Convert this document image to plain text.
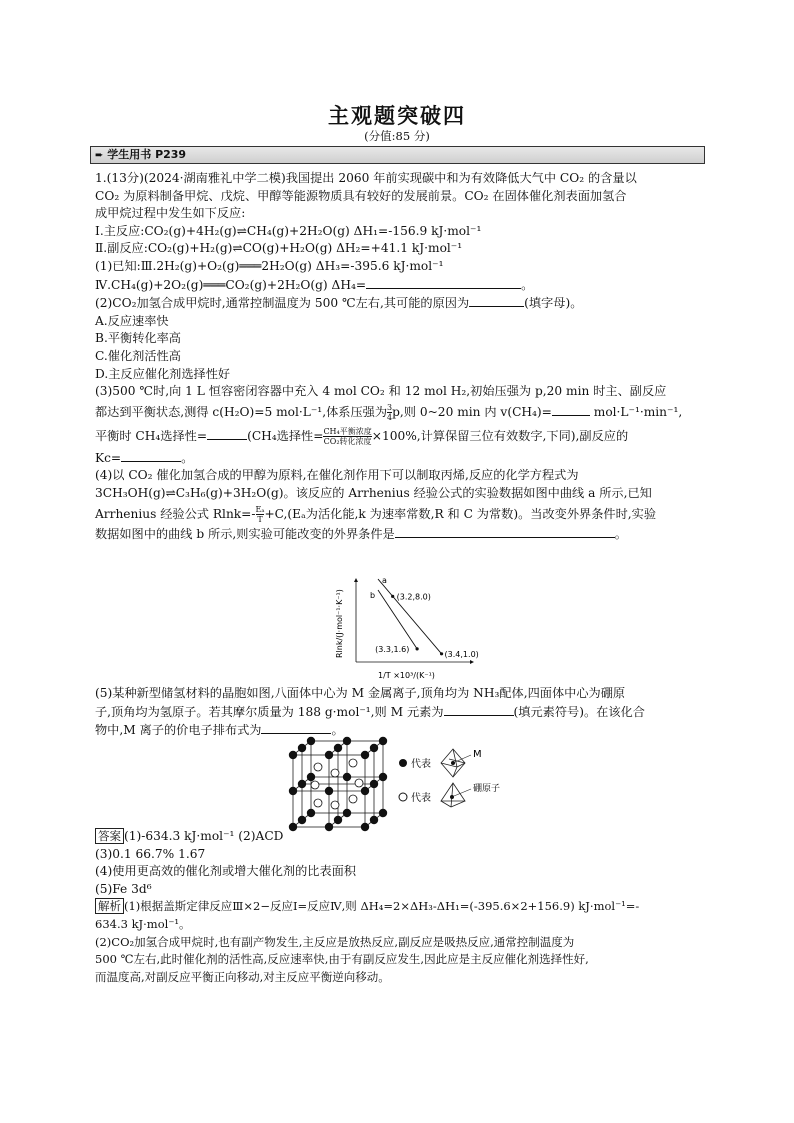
主观题突破四
(分值:85 分)
➨ 学生用书 P239

1.(13分)(2024·湖南雅礼中学二模)我国提出 2060 年前实现碳中和为有效降低大气中 CO₂ 的含量以

CO₂ 为原料制备甲烷、戊烷、甲醇等能源物质具有较好的发展前景。CO₂ 在固体催化剂表面加氢合

成甲烷过程中发生如下反应:

Ⅰ.主反应:CO₂(g)+4H₂(g)⇌CH₄(g)+2H₂O(g) ΔH₁=-156.9 kJ·mol⁻¹

Ⅱ.副反应:CO₂(g)+H₂(g)⇌CO(g)+H₂O(g) ΔH₂=+41.1 kJ·mol⁻¹

(1)已知:Ⅲ.2H₂(g)+O₂(g)═══2H₂O(g) ΔH₃=-395.6 kJ·mol⁻¹

Ⅳ.CH₄(g)+2O₂(g)═══CO₂(g)+2H₂O(g) ΔH₄=	。

(2)CO₂加氢合成甲烷时,通常控制温度为 500 ℃左右,其可能的原因为	(填字母)。

A.反应速率快

B.平衡转化率高

C.催化剂活性高

D.主反应催化剂选择性好

(3)500 ℃时,向 1 L 恒容密闭容器中充入 4 mol CO₂ 和 12 mol H₂,初始压强为 p,20 min 时主、副反应

都达到平衡状态,测得 c(H₂O)=5 mol·L⁻¹,体系压强为 $\frac{3}{4} p$,则 0~20 min 内 v(CH₄)=	mol·L⁻¹·min⁻¹,

平衡时 CH₄选择性=	(CH₄选择性= $\frac{\text{CH₄平衡浓度}}{\text{CO₂转化浓度}} \times 100\%$,计算保留三位有效数字,下同),副反应的

Kc=	。

(4)以 CO₂ 催化加氢合成的甲醇为原料,在催化剂作用下可以制取丙烯,反应的化学方程式为

3CH₃OH(g)⇌C₃H₆(g)+3H₂O(g)。该反应的 Arrhenius 经验公式的实验数据如图中曲线 a 所示,已知

Arrhenius 经验公式 $Rlnk=- \frac{\text{Eₐ}}{T} +C,(E_a$为活化能,k 为速率常数,R 和 C 为常数)。当改变外界条件时,实验

数据如图中的曲线 b 所示,则实验可能改变的外界条件是	。

(3.2,8.0)
(3.3,1.6)
(3.4,1.0)
a
b
Rlnk/(J·mol⁻¹·K⁻¹)
1/T ×10³/(K⁻¹)

(5)某种新型储氢材料的晶胞如图,八面体中心为 M 金属离子,顶角均为 NH₃配体,四面体中心为硼原

子,顶角均为氢原子。若其摩尔质量为 188 g·mol⁻¹,则 M 元素为	(填元素符号)。在该化合

物中,M 离子的价电子排布式为	。

代表
M
代表
硼原子

答案 (1)-634.3 kJ·mol⁻¹ (2)ACD

(3)0.1 66.7% 1.67

(4)使用更高效的催化剂或增大催化剂的比表面积

(5)Fe 3d⁶

解析 (1)根据盖斯定律反应Ⅲ×2−反应Ⅰ=反应Ⅳ,则 ΔH₄=2×ΔH₃-ΔH₁=(-395.6×2+156.9) kJ·mol⁻¹=-

634.3 kJ·mol⁻¹。

(2)CO₂加氢合成甲烷时,也有副产物发生,主反应是放热反应,副反应是吸热反应,通常控制温度为

500 ℃左右,此时催化剂的活性高,反应速率快,由于有副反应发生,因此应是主反应催化剂选择性好,

而温度高,对副反应平衡正向移动,对主反应平衡逆向移动。
